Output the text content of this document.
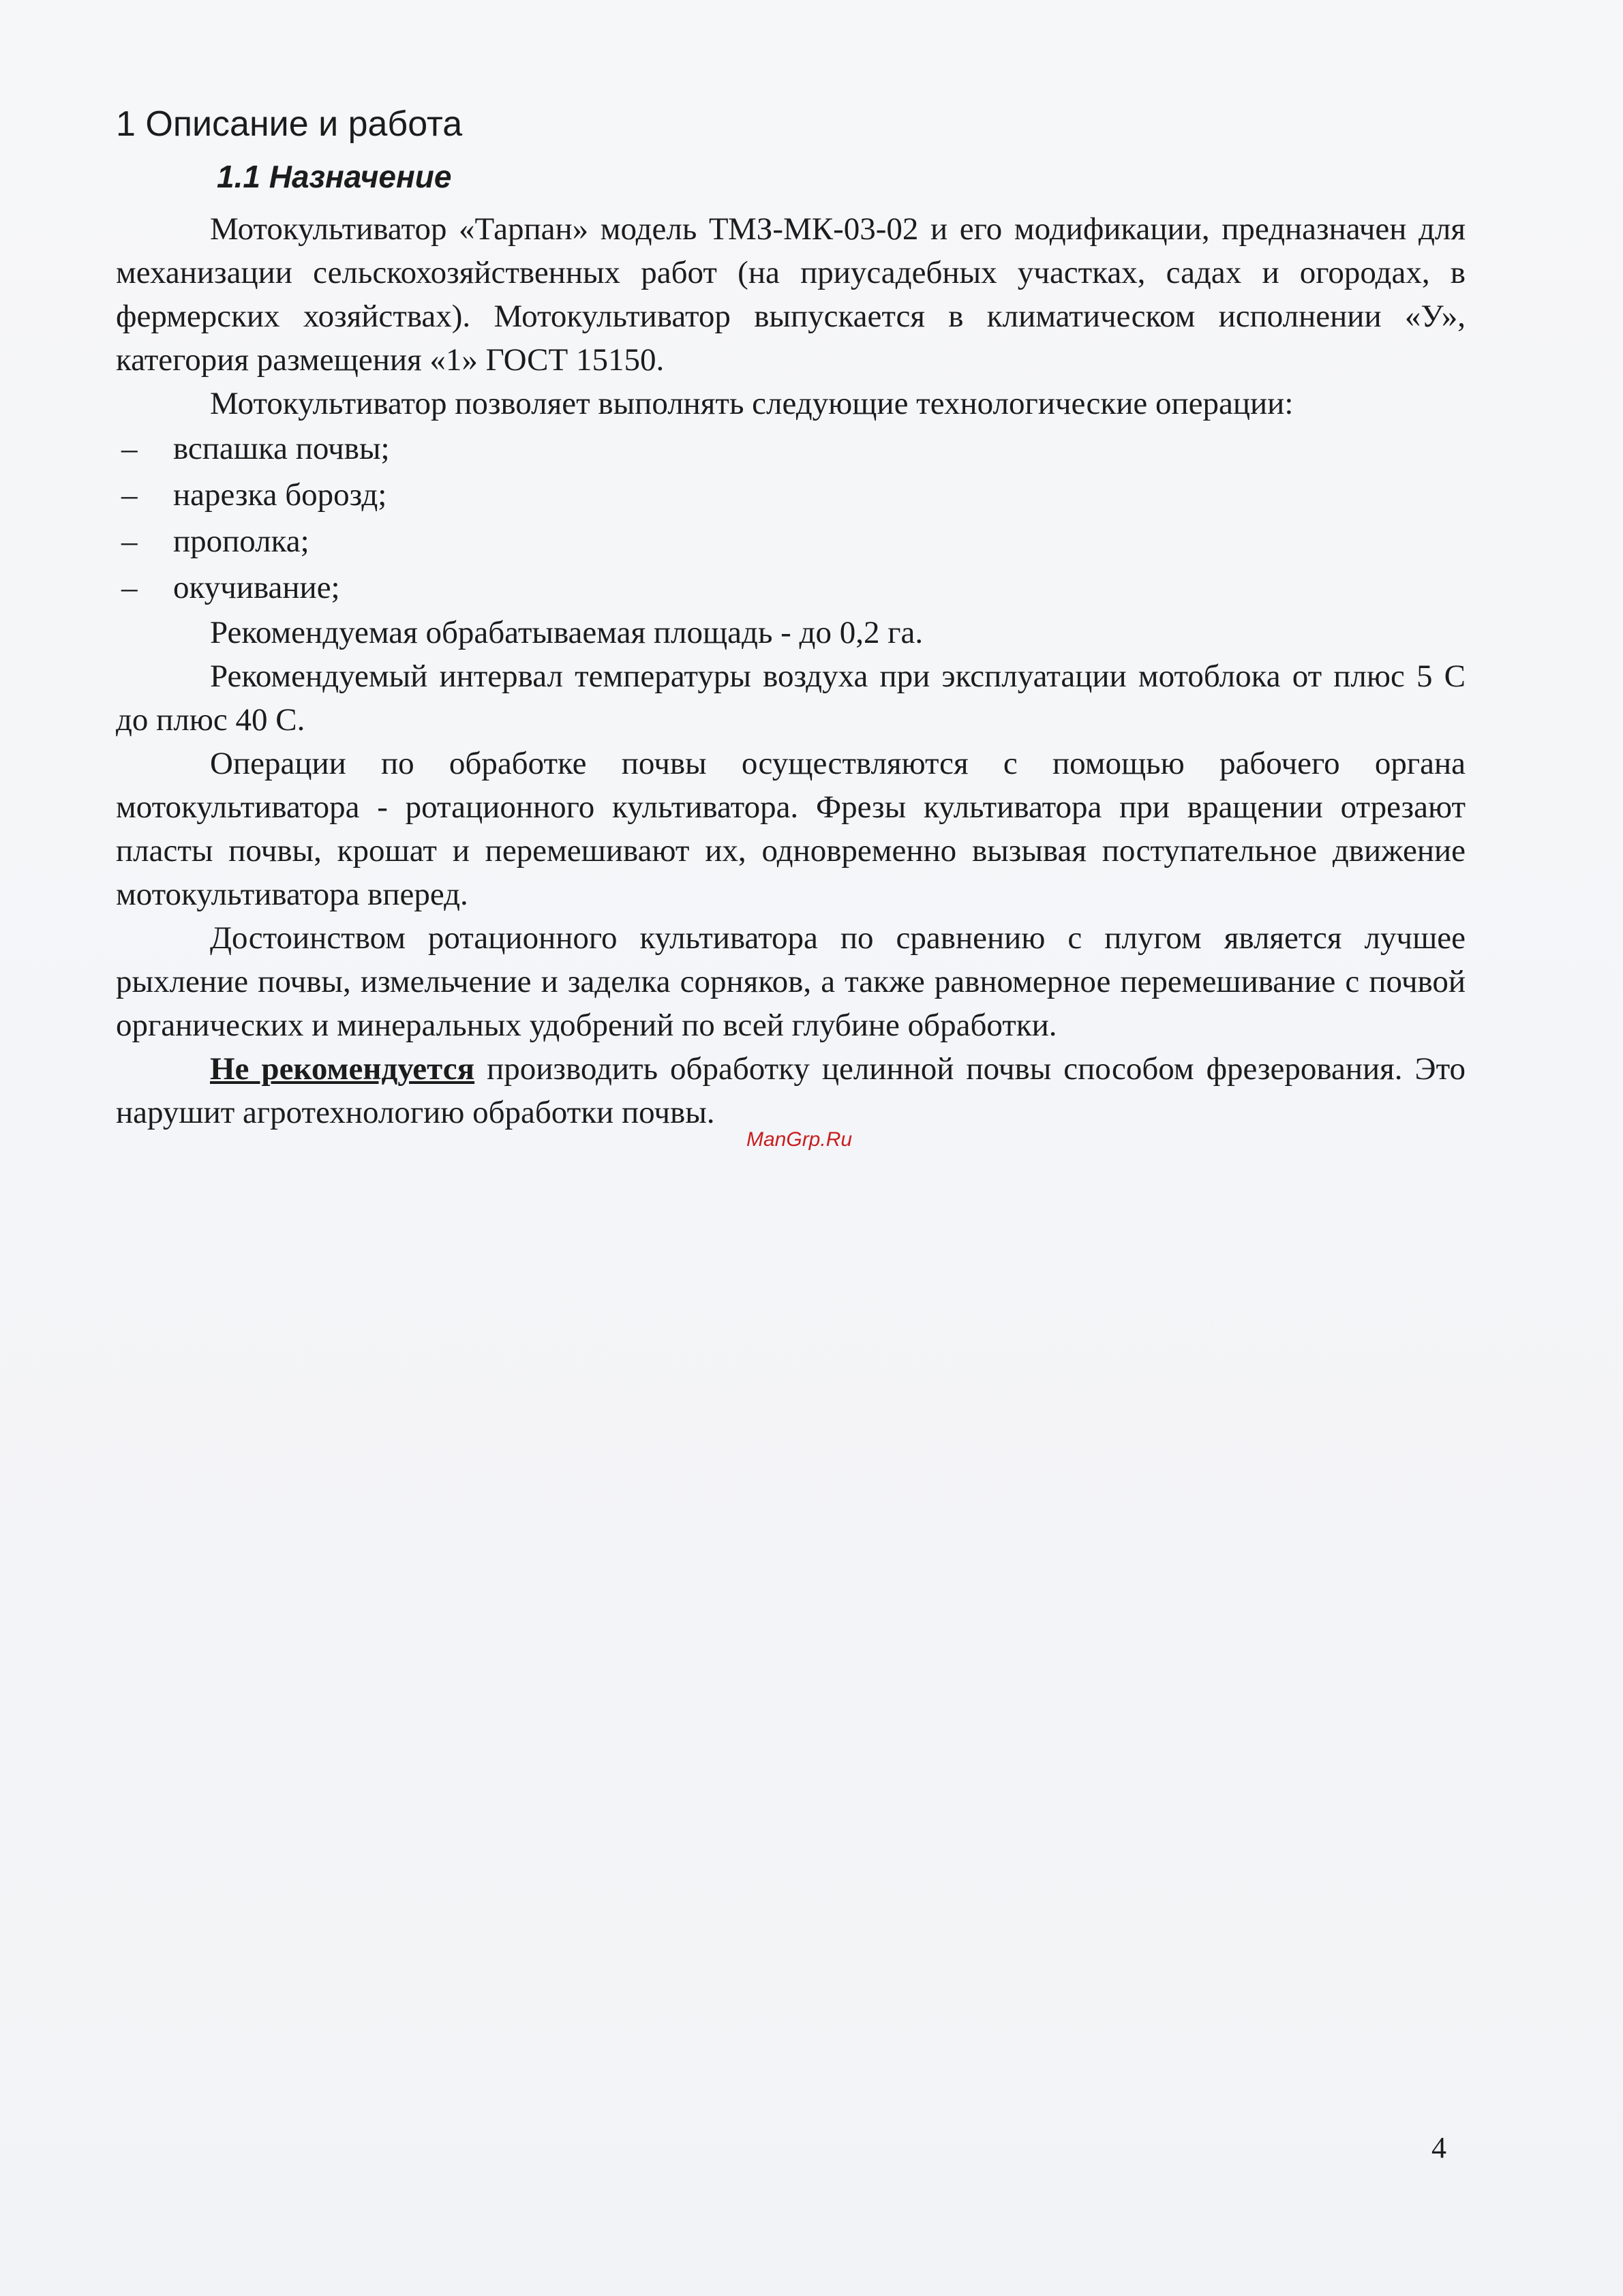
1 Описание и работа
1.1 Назначение

Мотокультиватор «Тарпан» модель ТМЗ-МК-03-02 и его модификации, предназначен для механизации сельскохозяйственных работ (на приусадебных участках, садах и огородах, в фермерских хозяйствах). Мотокультиватор выпускается в климатическом исполнении «У», категория размещения «1» ГОСТ 15150.

Мотокультиватор позволяет выполнять следующие технологические операции:

– вспашка почвы;
– нарезка борозд;
– прополка;
– окучивание;

Рекомендуемая обрабатываемая площадь - до 0,2 га.

Рекомендуемый интервал температуры воздуха при эксплуатации мотоблока от плюс 5 С до плюс 40 С.

Операции по обработке почвы осуществляются с помощью рабочего органа мотокультиватора - ротационного культиватора. Фрезы культиватора при вращении отрезают пласты почвы, крошат и перемешивают их, одновременно вызывая поступательное движение мотокультиватора вперед.

Достоинством ротационного культиватора по сравнению с плугом является лучшее рыхление почвы, измельчение и заделка сорняков, а также равномерное перемешивание с почвой органических и минеральных удобрений по всей глубине обработки.

Не рекомендуется производить обработку целинной почвы способом фрезерования. Это нарушит агротехнологию обработки почвы.

ManGrp.Ru
4
